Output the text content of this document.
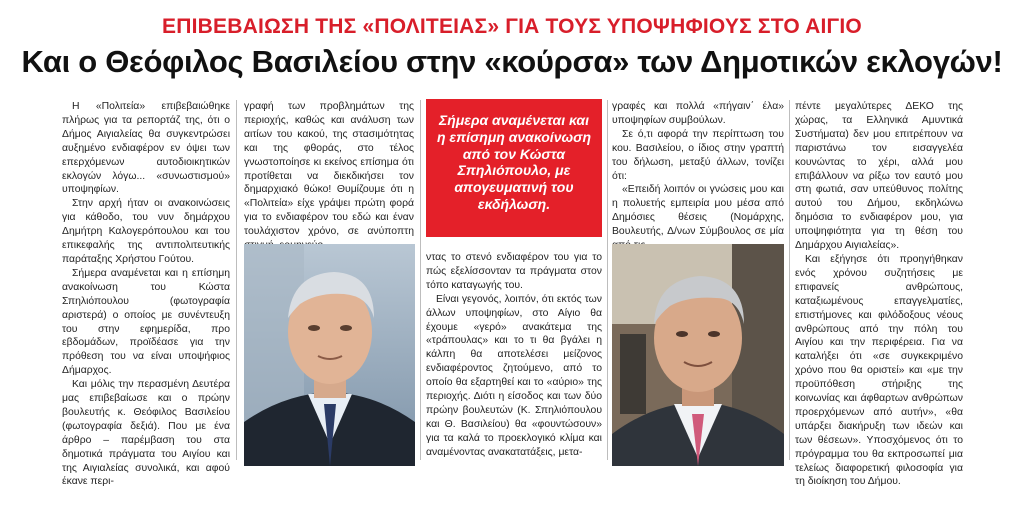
ΕΠΙΒΕΒΑΙΩΣΗ ΤΗΣ «ΠΟΛΙΤΕΙΑΣ» ΓΙΑ ΤΟΥΣ ΥΠΟΨΗΦΙΟΥΣ ΣΤΟ ΑΙΓΙΟ
Και ο Θεόφιλος Βασιλείου στην «κούρσα» των Δημοτικών εκλογών!

Η «Πολιτεία» επιβεβαιώθηκε πλήρως για τα ρεπορτάζ της, ότι ο Δήμος Αιγιαλείας θα συγκεντρώσει αυξημένο ενδιαφέρον εν όψει των επερχόμενων αυτοδιοικητικών εκλογών λόγω... «συνωστισμού» υποψηφίων.

Στην αρχή ήταν οι ανακοινώσεις για κάθοδο, του νυν δημάρχου Δημήτρη Καλογερόπουλου και του επικεφαλής της αντιπολιτευτικής παράταξης Χρήστου Γούτου.

Σήμερα αναμένεται και η επίσημη ανακοίνωση του Κώστα Σπηλιόπουλου (φωτογραφία αριστερά) ο οποίος με συνέντευξη του στην εφημερίδα, προ εβδομάδων, προϊδέασε για την πρόθεση του να είναι υποψήφιος Δήμαρχος.

Και μόλις την περασμένη Δευτέρα μας επιβεβαίωσε και ο πρώην βουλευτής κ. Θεόφιλος Βασιλείου (φωτογραφία δεξιά). Που με ένα άρθρο – παρέμβαση του στα δημοτικά πράγματα του Αιγίου και της Αιγιαλείας συνολικά, και αφού έκανε περι-

γραφή των προβλημάτων της περιοχής, καθώς και ανάλυση των αιτίων του κακού, της στασιμότητας και της φθοράς, στο τέλος γνωστοποίησε κι εκείνος επίσημα ότι προτίθεται να διεκδικήσει τον δημαρχιακό θώκο! Θυμίζουμε ότι η «Πολιτεία» είχε γράψει πρώτη φορά για το ενδιαφέρον του εδώ και έναν τουλάχιστον χρόνο, σε ανύποπτη

Σήμερα αναμένεται και η επίσημη ανακοίνωση από τον Κώστα Σπηλιόπουλο, με απογευματινή του εκδήλωση.

ντας το στενό ενδιαφέρον του για το πώς εξελίσσονταν τα πράγματα στον τόπο καταγωγής του.

Είναι γεγονός, λοιπόν, ότι εκτός των άλλων υποψηφίων, στο Αίγιο θα έχουμε «γερό» ανακάτεμα της «τράπουλας» και το τι θα βγάλει η κάλπη θα αποτελέσει μείζονος ενδιαφέροντος ζητούμενο, από το οποίο θα εξαρτηθεί και το «αύριο» της περιοχής. Διότι η είσοδος και των δύο πρώην βουλευτών (Κ. Σπηλιόπουλου και Θ. Βασιλείου) θα «φουντώσουν» για τα καλά το προεκλογικό κλίμα και αναμένοντας ανακατατάξεις, μετα-

γραφές και πολλά «πήγαιν΄ έλα» υποψηφίων συμβούλων.

Σε ό,τι αφορά την περίπτωση του κου. Βασιλείου, ο ίδιος στην γραπτή του δήλωση, μεταξύ άλλων, τονίζει ότι:

«Επειδή λοιπόν οι γνώσεις μου και η πολυετής εμπειρία μου μέσα από Δημόσιες θέσεις (Νομάρχης, Βουλευτής, Δ/νων Σύμβουλος σε μία

πέντε μεγαλύτερες ΔΕΚΟ της χώρας, τα Ελληνικά Αμυντικά Συστήματα) δεν μου επιτρέπουν να παριστάνω τον εισαγγελέα κουνώντας το χέρι, αλλά μου επιβάλλουν να ρίξω τον εαυτό μου στη φωτιά, σαν υπεύθυνος πολίτης αυτού του Δήμου, εκδηλώνω δημόσια το ενδιαφέρον μου, για υποψηφιότητα για τη θέση του Δημάρχου Αιγιαλείας».

Και εξήγησε ότι προηγήθηκαν ενός χρόνου συζητήσεις με επιφανείς ανθρώπους, καταξιωμένους επαγγελματίες, επιστήμονες και φιλόδοξους νέους ανθρώπους από την πόλη του Αιγίου και την περιφέρεια. Για να καταλήξει ότι «σε συγκεκριμένο χρόνο που θα οριστεί» και «με την προϋπόθεση στήριξης της κοινωνίας και άφθαρτων ανθρώπων προερχόμενων από αυτήν», «θα υπάρξει διακήρυξη των ιδεών και των θέσεων». Υποσχόμενος ότι το πρόγραμμα του θα εκπροσωπεί μια τελείως διαφορετική φιλοσοφία για τη διοίκηση του Δήμου.
